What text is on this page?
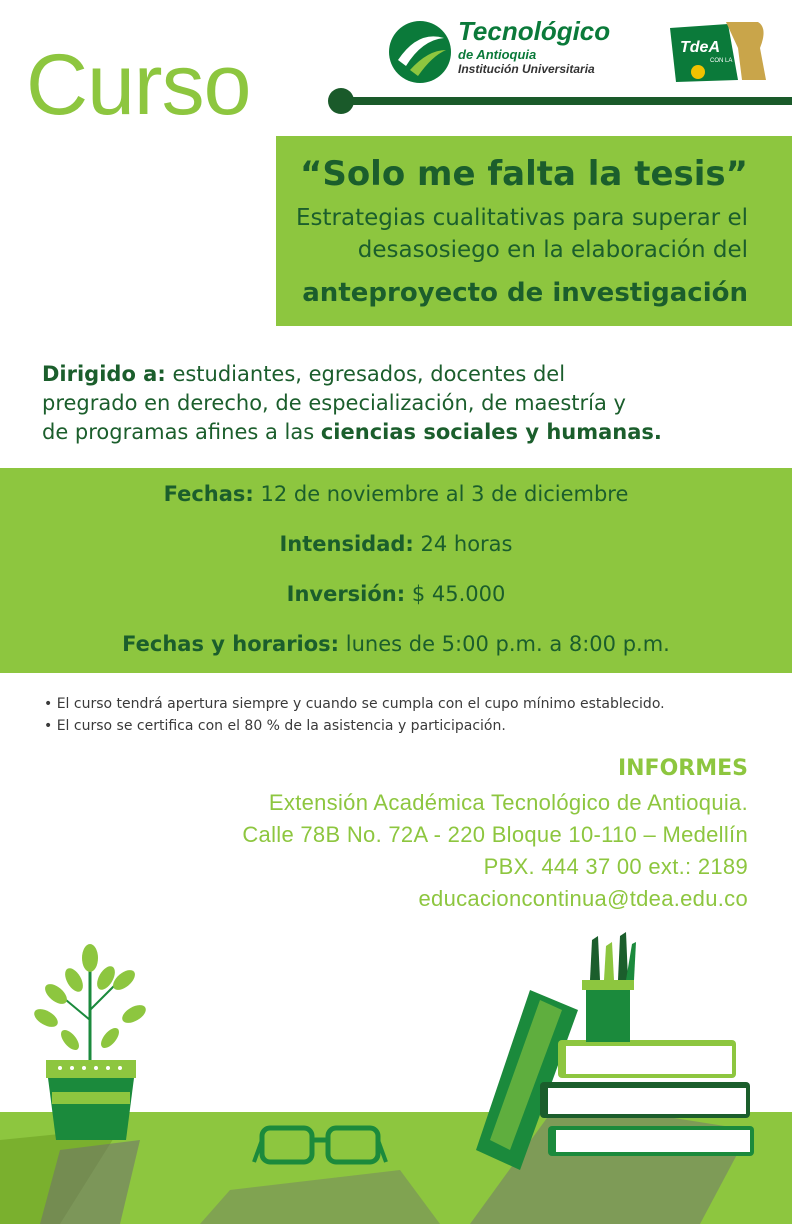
Curso
Tecnológico
de Antioquia
Institución Universitaria
TdeA
CON LA
“Solo me falta la tesis”
Estrategias cualitativas para superar el
desasosiego en la elaboración del
anteproyecto de investigación
Dirigido a: estudiantes, egresados, docentes del
pregrado en derecho, de especialización, de maestría y
de programas afines a las ciencias sociales y humanas.
Fechas: 12 de noviembre al 3 de diciembre
Intensidad: 24 horas
Inversión: $ 45.000
Fechas y horarios: lunes de 5:00 p.m. a 8:00 p.m.
• El curso tendrá apertura siempre y cuando se cumpla con el cupo mínimo establecido.
• El curso se certifica con el 80 % de la asistencia y participación.
INFORMES
Extensión Académica Tecnológico de Antioquia.
Calle 78B No. 72A - 220 Bloque 10-110 – Medellín
PBX. 444 37 00 ext.: 2189
educacioncontinua@tdea.edu.co
